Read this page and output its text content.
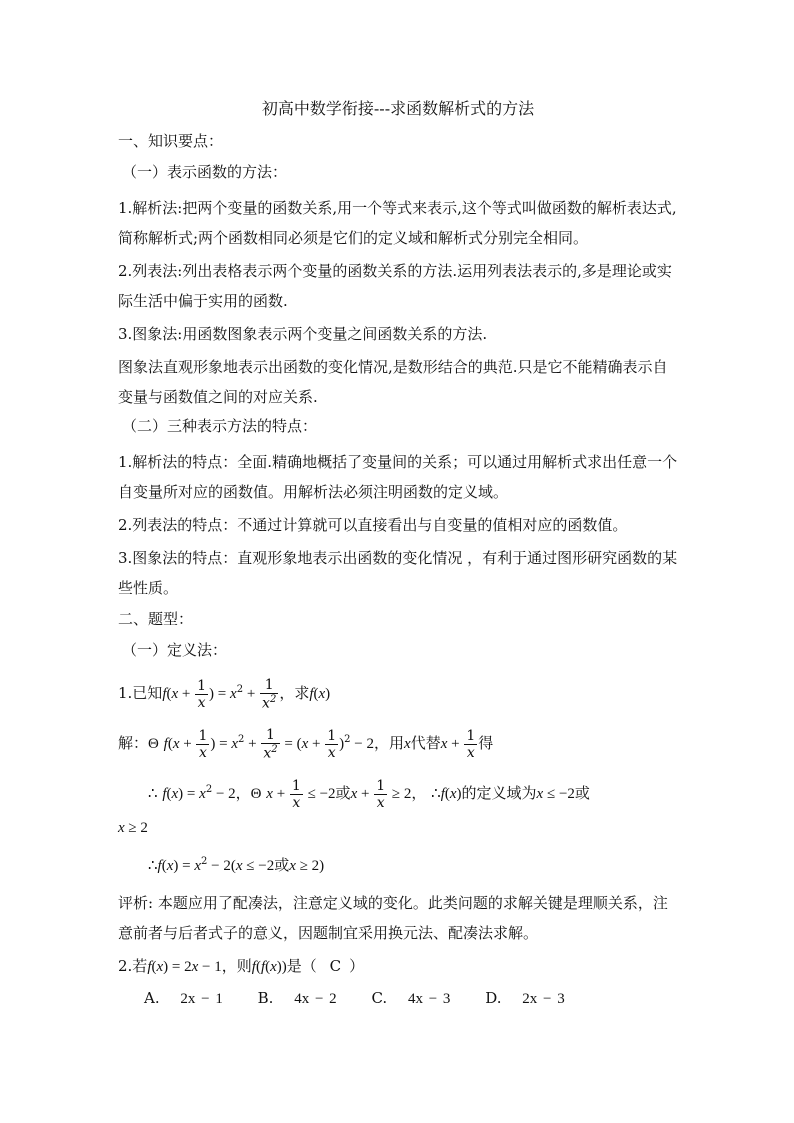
初高中数学衔接---求函数解析式的方法
一、知识要点：
（一）表示函数的方法：
1.解析法:把两个变量的函数关系,用一个等式来表示,这个等式叫做函数的解析表达式,简称解析式;两个函数相同必须是它们的定义域和解析式分别完全相同。
2.列表法:列出表格表示两个变量的函数关系的方法.运用列表法表示的,多是理论或实际生活中偏于实用的函数.
3.图象法:用函数图象表示两个变量之间函数关系的方法.
图象法直观形象地表示出函数的变化情况,是数形结合的典范.只是它不能精确表示自变量与函数值之间的对应关系.
（二）三种表示方法的特点：
1.解析法的特点：全面.精确地概括了变量间的关系；可以通过用解析式求出任意一个自变量所对应的函数值。用解析法必须注明函数的定义域。
2.列表法的特点：不通过计算就可以直接看出与自变量的值相对应的函数值。
3.图象法的特点：直观形象地表示出函数的变化情况 ，有利于通过图形研究函数的某些性质。
二、题型：
（一）定义法：
1.已知$f(x + \frac{1}{x}$ ) = $x^2 + \frac{1}{x^2}$ ，求f(x)
解：Θ $f(x + \frac{1}{x}$ ) = $x^2 + \frac{1}{x^2} = (x + \frac{1}{x} )^2 - 2$，用x代替$x + \frac{1}{x}$ 得
∴ $f(x) = x^2 - 2$，Θ $x + \frac{1}{x} \le -2$或$x + \frac{1}{x} \ge 2$， ∴f(x)的定义域为x ≤ −2或
x ≥ 2
∴f(x) = $x^2 - 2(x \le -2$或x ≥ 2)
评析: 本题应用了配凑法，注意定义域的变化。此类问题的求解关键是理顺关系，注意前者与后者式子的意义，因题制宜采用换元法、配凑法求解。
2.若f(x) = 2x − 1，则f(f(x))是（ C ）
A. 2x − 1 B. 4x − 2 C. 4x − 3 D. 2x − 3
